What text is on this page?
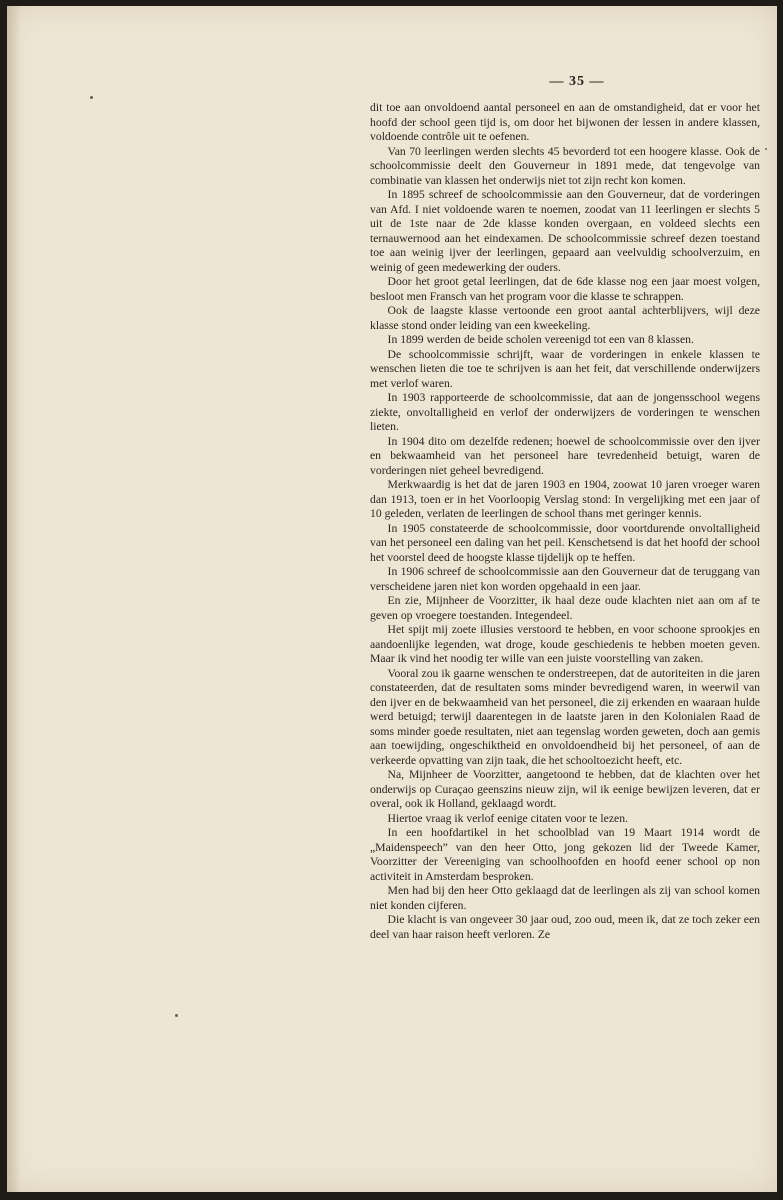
— 35 —

dit toe aan onvoldoend aantal personeel en aan de omstandigheid, dat er voor het hoofd der school geen tijd is, om door het bijwonen der lessen in andere klassen, voldoende contrôle uit te oefenen.

Van 70 leerlingen werden slechts 45 bevorderd tot een hoogere klasse. Ook de schoolcommissie deelt den Gouverneur in 1891 mede, dat tengevolge van combinatie van klassen het onderwijs niet tot zijn recht kon komen.

In 1895 schreef de schoolcommissie aan den Gouverneur, dat de vorderingen van Afd. I niet voldoende waren te noemen, zoodat van 11 leerlingen er slechts 5 uit de 1ste naar de 2de klasse konden overgaan, en voldeed slechts een ternauwernood aan het eindexamen. De schoolcommissie schreef dezen toestand toe aan weinig ijver der leerlingen, gepaard aan veelvuldig schoolverzuim, en weinig of geen medewerking der ouders.

Door het groot getal leerlingen, dat de 6de klasse nog een jaar moest volgen, besloot men Fransch van het program voor die klasse te schrappen.

Ook de laagste klasse vertoonde een groot aantal achterblijvers, wijl deze klasse stond onder leiding van een kweekeling.

In 1899 werden de beide scholen vereenigd tot een van 8 klassen.

De schoolcommissie schrijft, waar de vorderingen in enkele klassen te wenschen lieten die toe te schrijven is aan het feit, dat verschillende onderwijzers met verlof waren.

In 1903 rapporteerde de schoolcommissie, dat aan de jongensschool wegens ziekte, onvoltalligheid en verlof der onderwijzers de vorderingen te wenschen lieten.

In 1904 dito om dezelfde redenen; hoewel de schoolcommissie over den ijver en bekwaamheid van het personeel hare tevredenheid betuigt, waren de vorderingen niet geheel bevredigend.

Merkwaardig is het dat de jaren 1903 en 1904, zoowat 10 jaren vroeger waren dan 1913, toen er in het Voorloopig Verslag stond: In vergelijking met een jaar of 10 geleden, verlaten de leerlingen de school thans met geringer kennis.

In 1905 constateerde de schoolcommissie, door voortdurende onvoltalligheid van het personeel een daling van het peil. Kenschetsend is dat het hoofd der school het voorstel deed de hoogste klasse tijdelijk op te heffen.

In 1906 schreef de schoolcommissie aan den Gouverneur dat de teruggang van verscheidene jaren niet kon worden opgehaald in een jaar.

En zie, Mijnheer de Voorzitter, ik haal deze oude klachten niet aan om af te geven op vroegere toestanden. Integendeel.

Het spijt mij zoete illusies verstoord te hebben, en voor schoone sprookjes en aandoenlijke legenden, wat droge, koude geschiedenis te hebben moeten geven. Maar ik vind het noodig ter wille van een juiste voorstelling van zaken.

Vooral zou ik gaarne wenschen te onderstreepen, dat de autoriteiten in die jaren constateerden, dat de resultaten soms minder bevredigend waren, in weerwil van den ijver en de bekwaamheid van het personeel, die zij erkenden en waaraan hulde werd betuigd; terwijl daarentegen in de laatste jaren in den Kolonialen Raad de soms minder goede resultaten, niet aan tegenslag worden geweten, doch aan gemis aan toewijding, ongeschiktheid en onvoldoendheid bij het personeel, of aan de verkeerde opvatting van zijn taak, die het schooltoezicht heeft, etc.

Na, Mijnheer de Voorzitter, aangetoond te hebben, dat de klachten over het onderwijs op Curaçao geenszins nieuw zijn, wil ik eenige bewijzen leveren, dat er overal, ook ik Holland, geklaagd wordt.

Hiertoe vraag ik verlof eenige citaten voor te lezen.

In een hoofdartikel in het schoolblad van 19 Maart 1914 wordt de „Maidenspeech” van den heer Otto, jong gekozen lid der Tweede Kamer, Voorzitter der Vereeniging van schoolhoofden en hoofd eener school op non activiteit in Amsterdam besproken.

Men had bij den heer Otto geklaagd dat de leerlingen als zij van school komen niet konden cijferen.

Die klacht is van ongeveer 30 jaar oud, zoo oud, meen ik, dat ze toch zeker een deel van haar raison heeft verloren. Ze
